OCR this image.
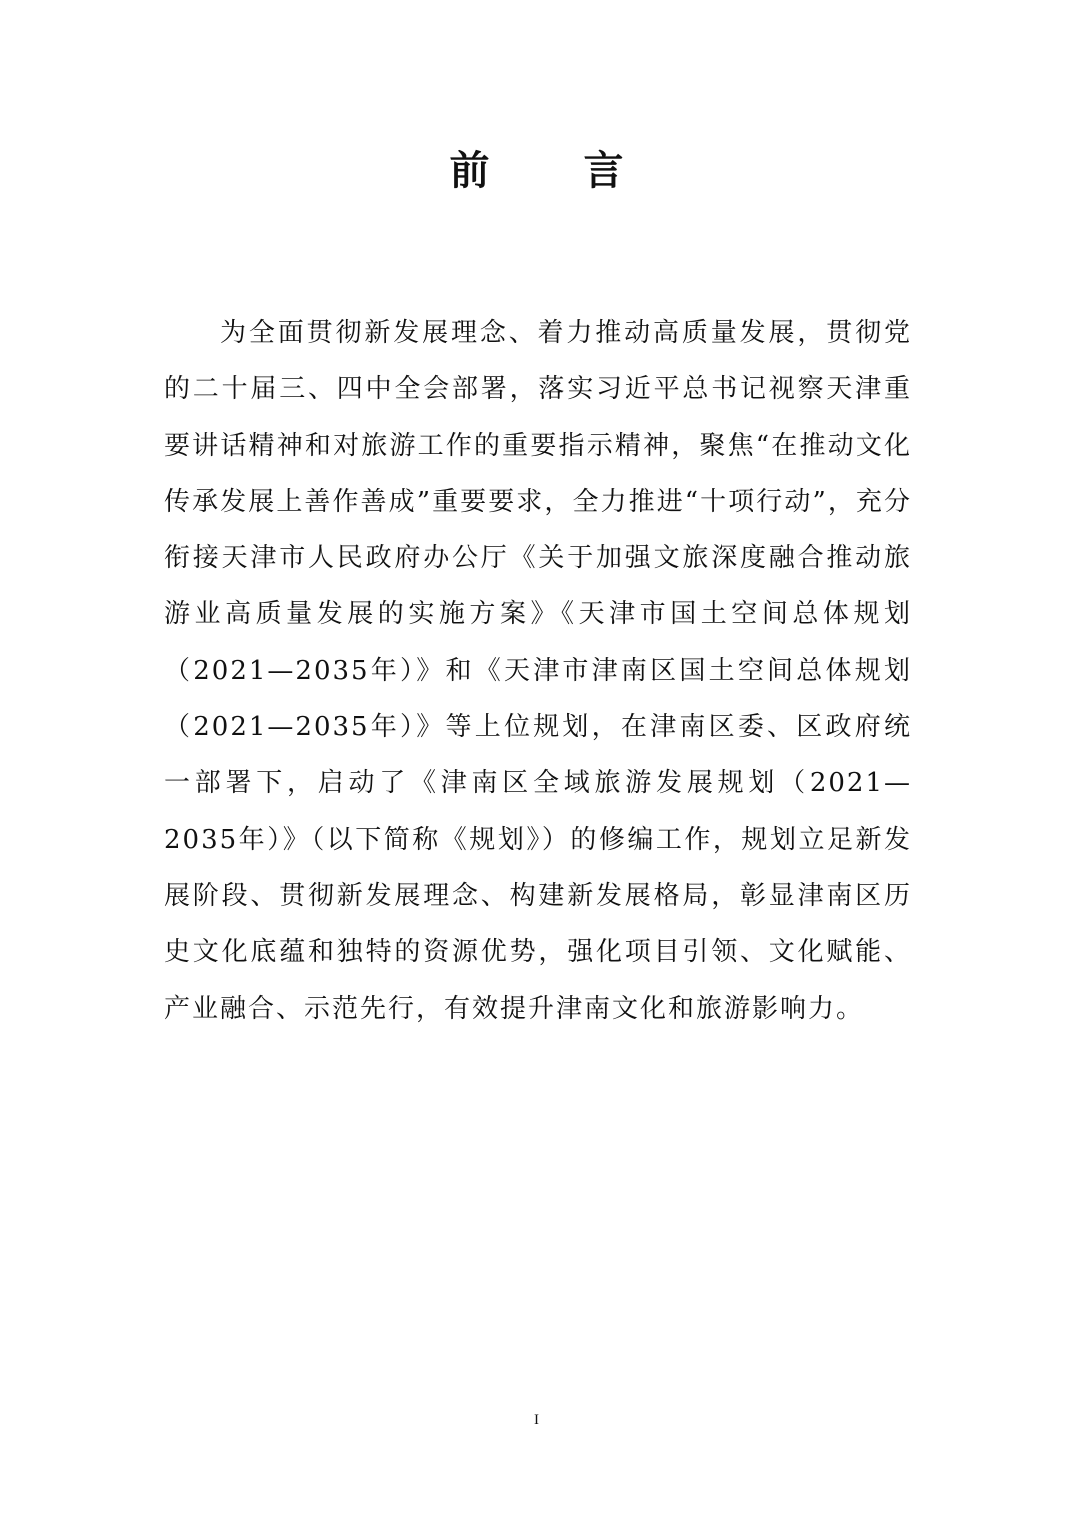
前 言

为全面贯彻新发展理念、着力推动高质量发展，贯彻党的二十届三、四中全会部署，落实习近平总书记视察天津重要讲话精神和对旅游工作的重要指示精神，聚焦“在推动文化传承发展上善作善成”重要要求，全力推进“十项行动”，充分衔接天津市人民政府办公厅《关于加强文旅深度融合推动旅游业高质量发展的实施方案》《天津市国土空间总体规划（2021—2035年）》和《天津市津南区国土空间总体规划（2021—2035年）》等上位规划，在津南区委、区政府统一部署下，启动了《津南区全域旅游发展规划（2021—2035年）》（以下简称《规划》）的修编工作，规划立足新发展阶段、贯彻新发展理念、构建新发展格局，彰显津南区历史文化底蕴和独特的资源优势，强化项目引领、文化赋能、产业融合、示范先行，有效提升津南文化和旅游影响力。

I
